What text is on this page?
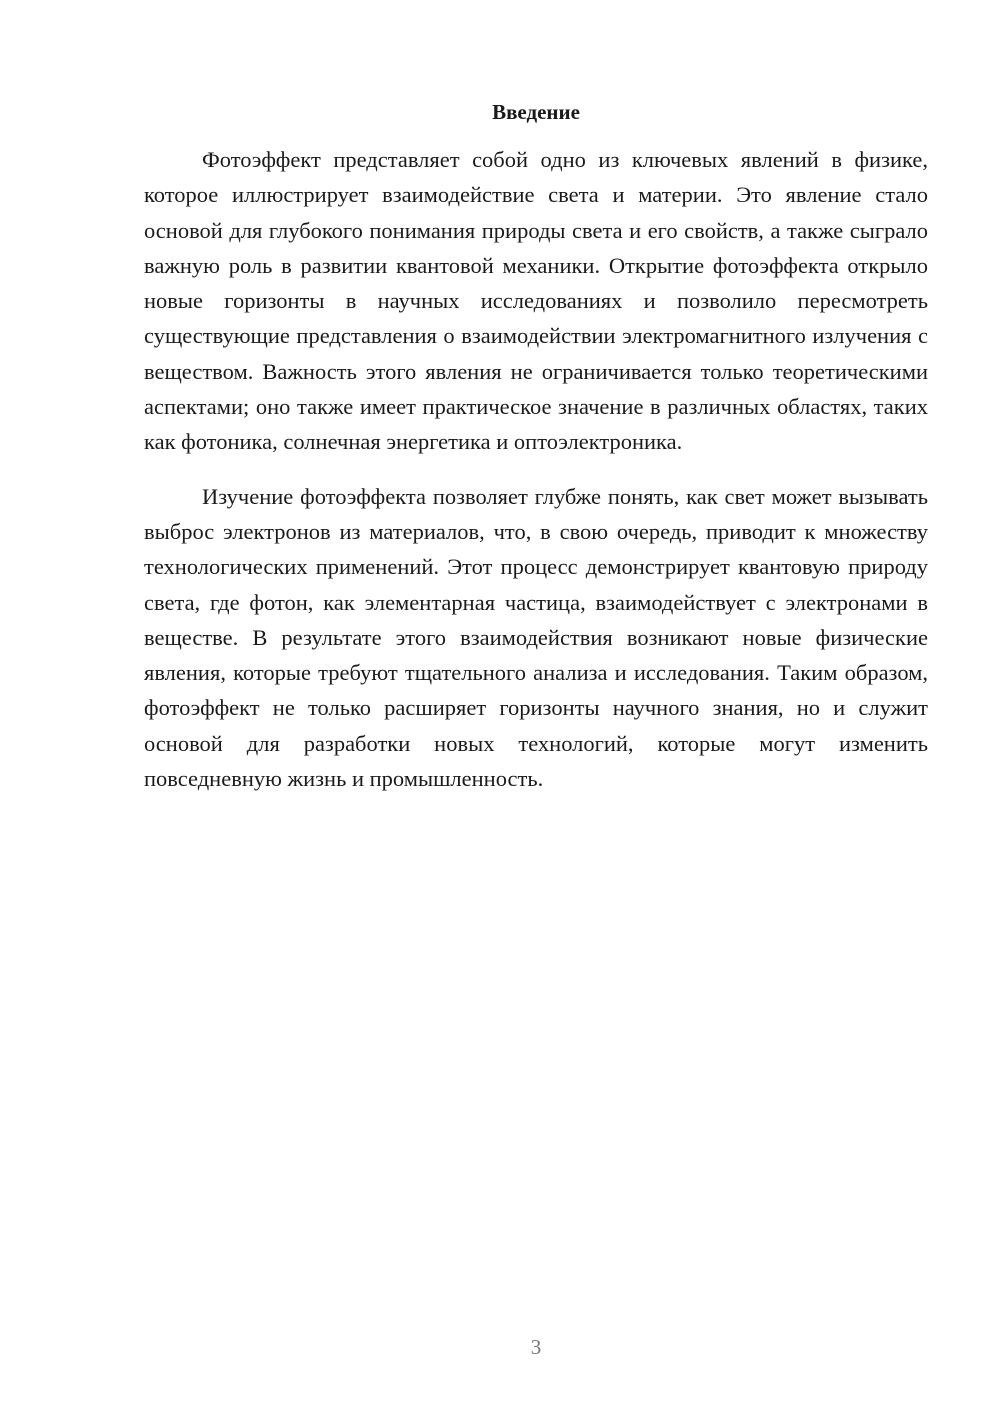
Введение

Фотоэффект представляет собой одно из ключевых явлений в физике, которое иллюстрирует взаимодействие света и материи. Это явление стало основой для глубокого понимания природы света и его свойств, а также сыграло важную роль в развитии квантовой механики. Открытие фотоэффекта открыло новые горизонты в научных исследованиях и позволило пересмотреть существующие представления о взаимодействии электромагнитного излучения с веществом. Важность этого явления не ограничивается только теоретическими аспектами; оно также имеет практическое значение в различных областях, таких как фотоника, солнечная энергетика и оптоэлектроника.

Изучение фотоэффекта позволяет глубже понять, как свет может вызывать выброс электронов из материалов, что, в свою очередь, приводит к множеству технологических применений. Этот процесс демонстрирует квантовую природу света, где фотон, как элементарная частица, взаимодействует с электронами в веществе. В результате этого взаимодействия возникают новые физические явления, которые требуют тщательного анализа и исследования. Таким образом, фотоэффект не только расширяет горизонты научного знания, но и служит основой для разработки новых технологий, которые могут изменить повседневную жизнь и промышленность.

3
